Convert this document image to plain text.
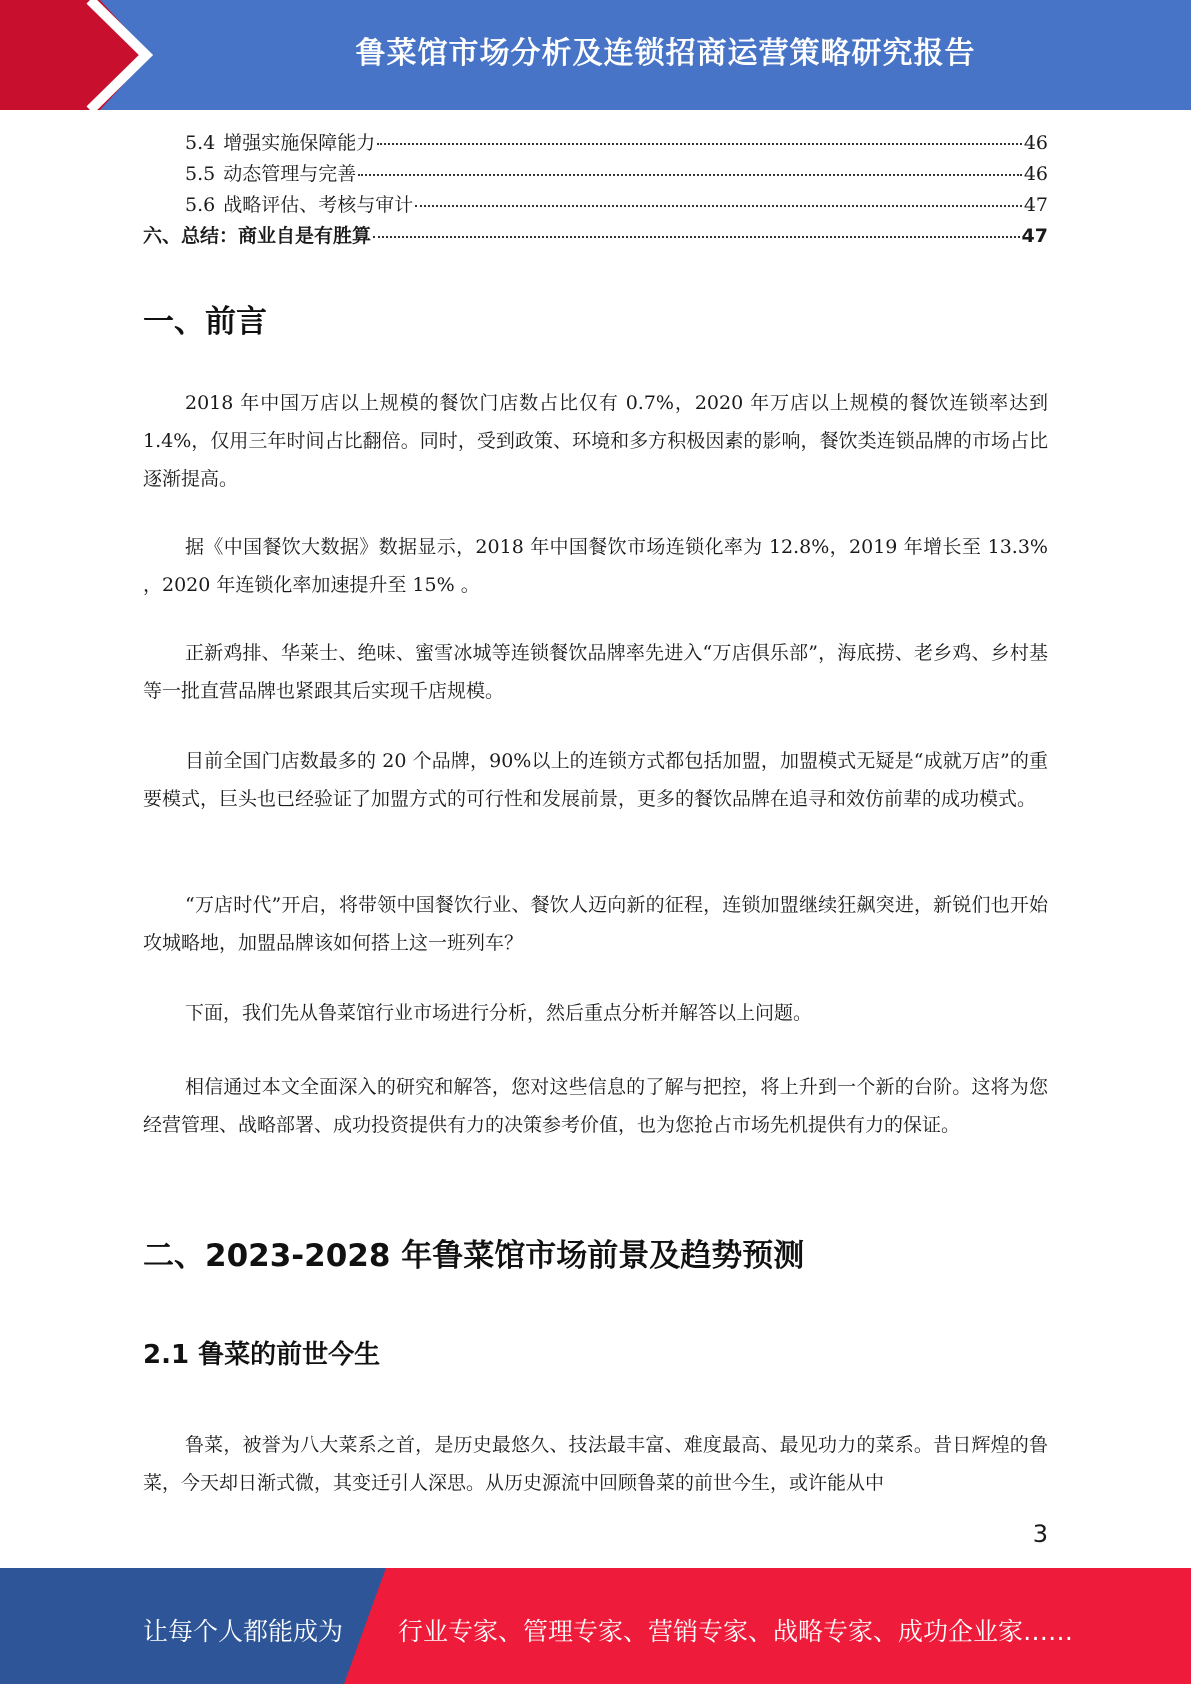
鲁菜馆市场分析及连锁招商运营策略研究报告
5.4 增强实施保障能力	46
5.5 动态管理与完善	46
5.6 战略评估、考核与审计	47
六、总结：商业自是有胜算	47
一、前言

2018 年中国万店以上规模的餐饮门店数占比仅有 0.7%，2020 年万店以上规模的餐饮连锁率达到 1.4%，仅用三年时间占比翻倍。同时，受到政策、环境和多方积极因素的影响，餐饮类连锁品牌的市场占比逐渐提高。

据《中国餐饮大数据》数据显示，2018 年中国餐饮市场连锁化率为 12.8%，2019 年增长至 13.3% ，2020 年连锁化率加速提升至 15% 。

正新鸡排、华莱士、绝味、蜜雪冰城等连锁餐饮品牌率先进入“万店俱乐部”，海底捞、老乡鸡、乡村基等一批直营品牌也紧跟其后实现千店规模。

目前全国门店数最多的 20 个品牌，90%以上的连锁方式都包括加盟，加盟模式无疑是“成就万店”的重要模式，巨头也已经验证了加盟方式的可行性和发展前景，更多的餐饮品牌在追寻和效仿前辈的成功模式。

“万店时代”开启，将带领中国餐饮行业、餐饮人迈向新的征程，连锁加盟继续狂飙突进，新锐们也开始攻城略地，加盟品牌该如何搭上这一班列车？

下面，我们先从鲁菜馆行业市场进行分析，然后重点分析并解答以上问题。

相信通过本文全面深入的研究和解答，您对这些信息的了解与把控，将上升到一个新的台阶。这将为您经营管理、战略部署、成功投资提供有力的决策参考价值，也为您抢占市场先机提供有力的保证。

二、2023-2028 年鲁菜馆市场前景及趋势预测
2.1 鲁菜的前世今生

鲁菜，被誉为八大菜系之首，是历史最悠久、技法最丰富、难度最高、最见功力的菜系。昔日辉煌的鲁菜，今天却日渐式微，其变迁引人深思。从历史源流中回顾鲁菜的前世今生，或许能从中

3
让每个人都能成为 行业专家、管理专家、营销专家、战略专家、成功企业家……
